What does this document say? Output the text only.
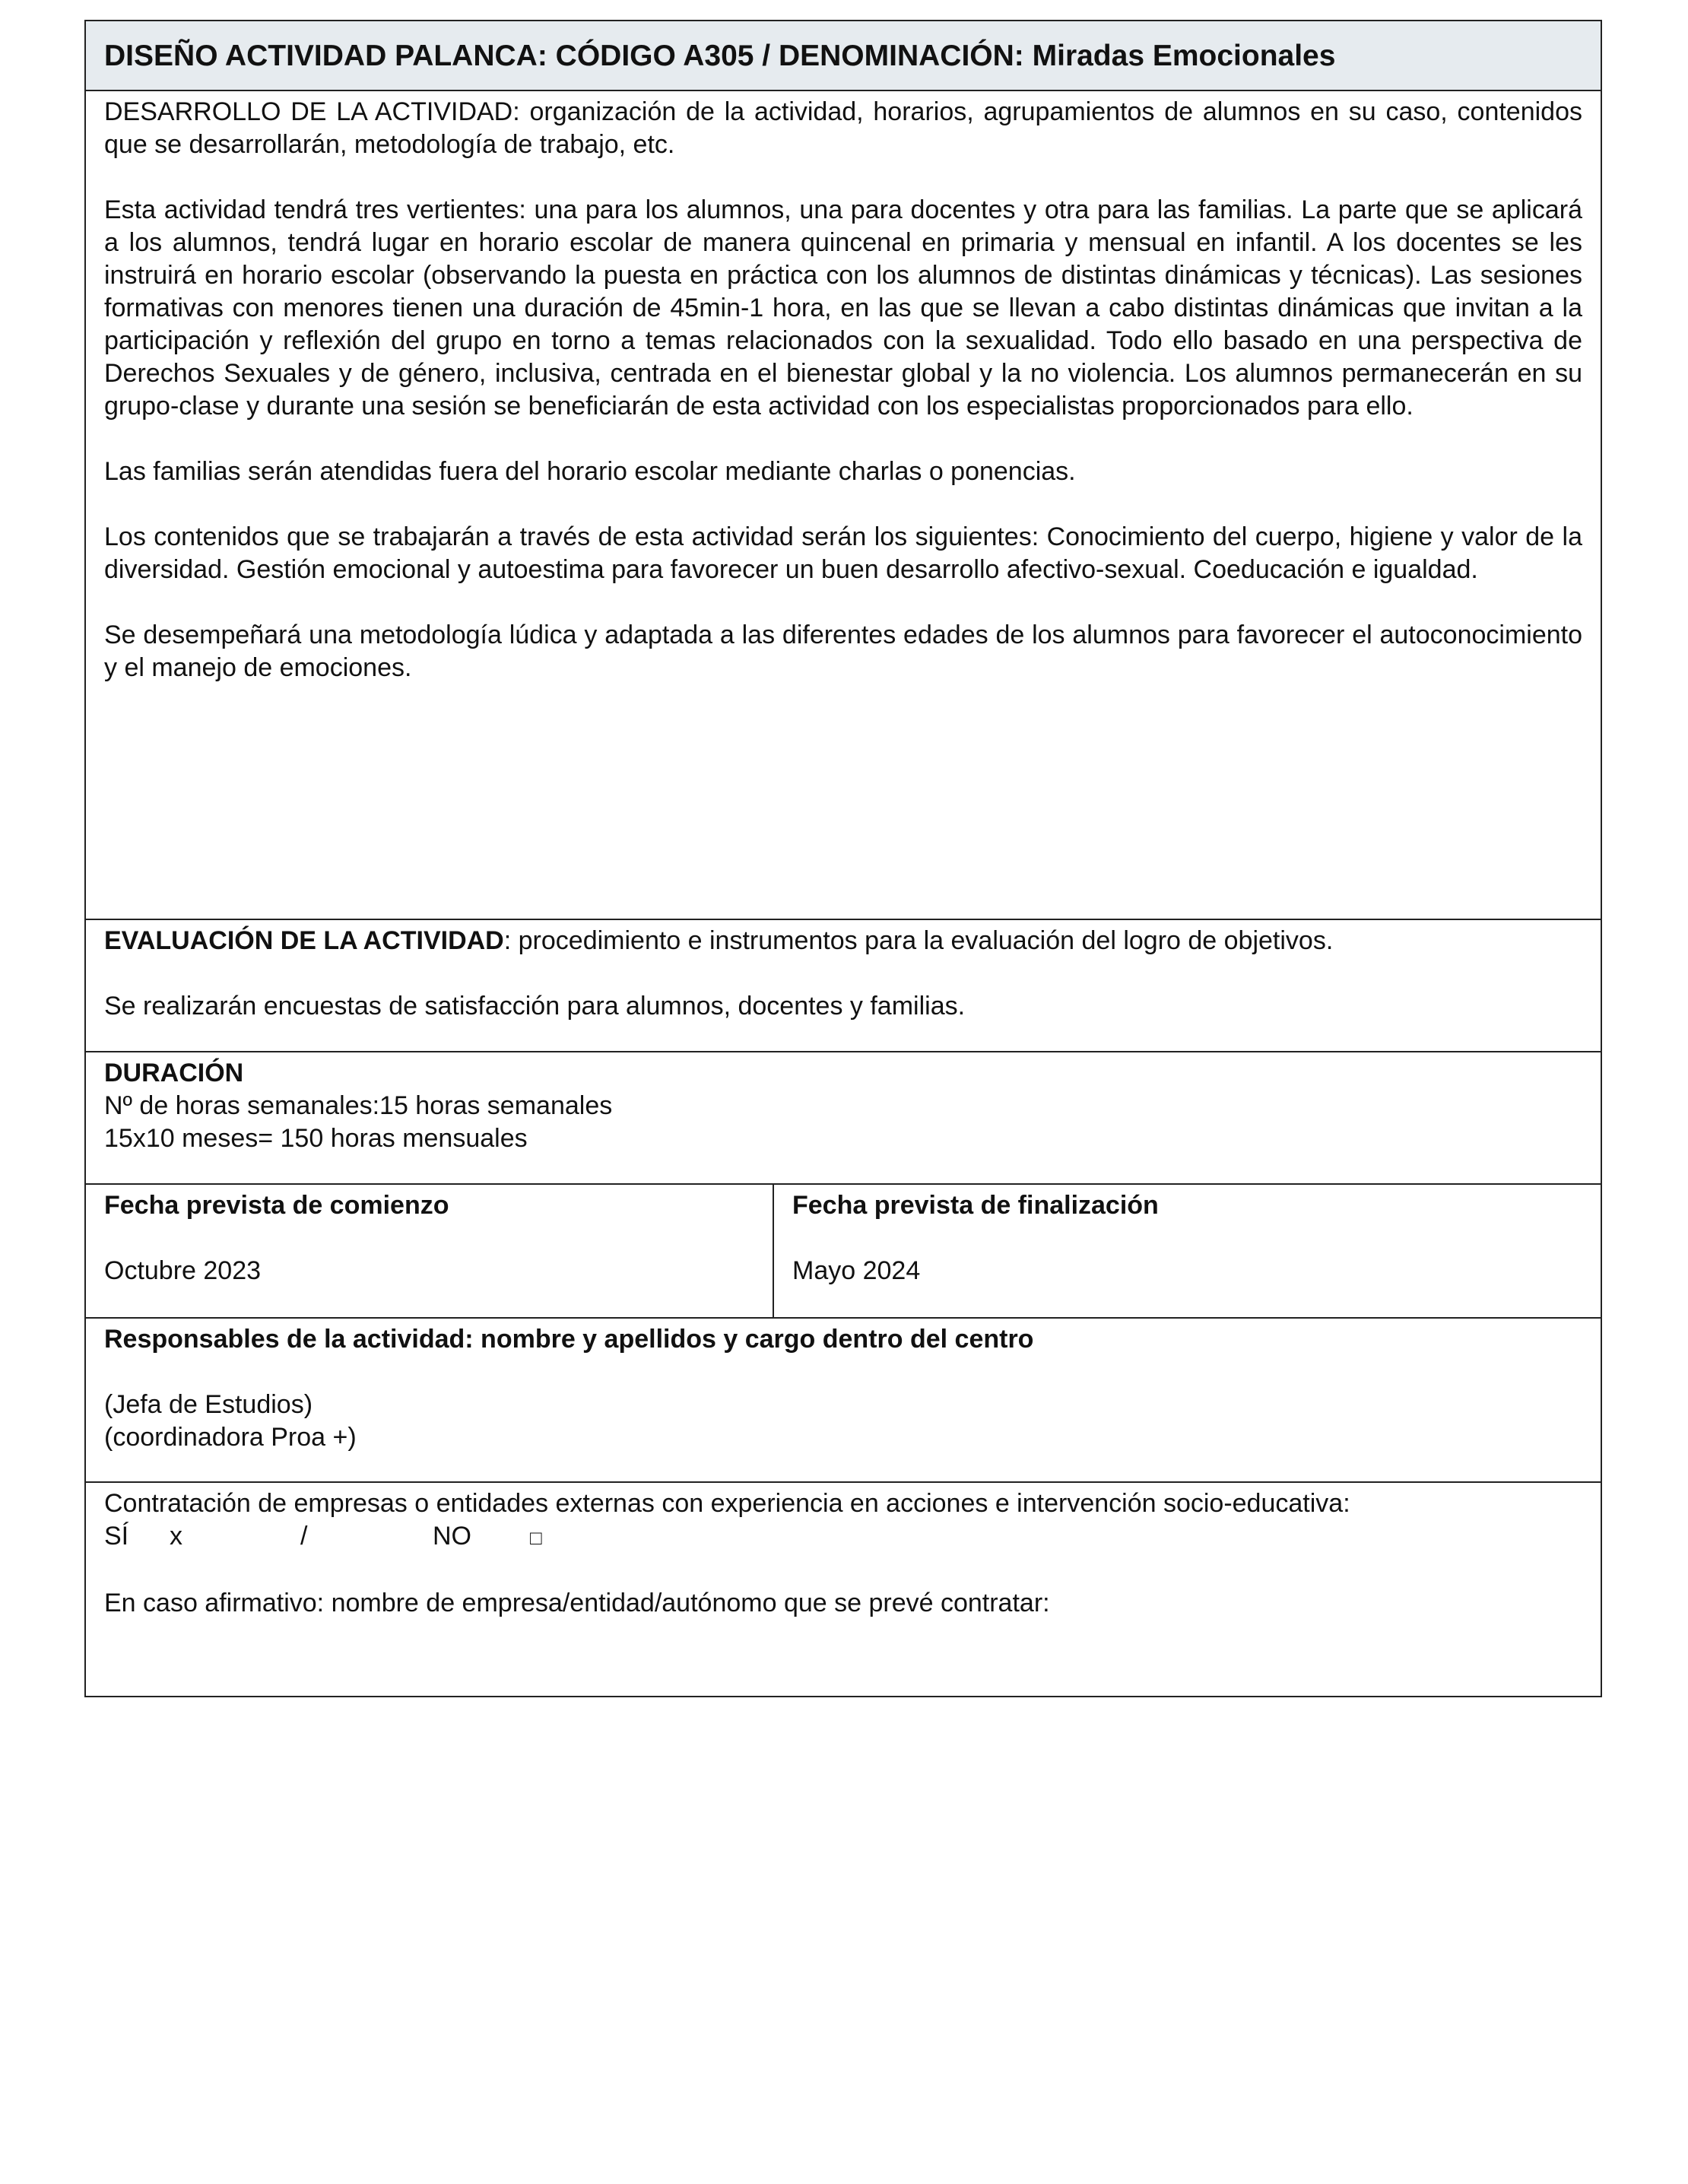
DISEÑO ACTIVIDAD PALANCA: CÓDIGO A305 / DENOMINACIÓN: Miradas Emocionales

DESARROLLO DE LA ACTIVIDAD: organización de la actividad, horarios, agrupamientos de alumnos en su caso, contenidos que se desarrollarán, metodología de trabajo, etc.

Esta actividad tendrá tres vertientes: una para los alumnos, una para docentes y otra para las familias. La parte que se aplicará a los alumnos, tendrá lugar en horario escolar de manera quincenal en primaria y mensual en infantil. A los docentes se les instruirá en horario escolar (observando la puesta en práctica con los alumnos de distintas dinámicas y técnicas). Las sesiones formativas con menores tienen una duración de 45min-1 hora, en las que se llevan a cabo distintas dinámicas que invitan a la participación y reflexión del grupo en torno a temas relacionados con la sexualidad. Todo ello basado en una perspectiva de Derechos Sexuales y de género, inclusiva, centrada en el bienestar global y la no violencia. Los alumnos permanecerán en su grupo-clase y durante una sesión se beneficiarán de esta actividad con los especialistas proporcionados para ello.

Las familias serán atendidas fuera del horario escolar mediante charlas o ponencias.

Los contenidos que se trabajarán a través de esta actividad serán los siguientes: Conocimiento del cuerpo, higiene y valor de la diversidad. Gestión emocional y autoestima para favorecer un buen desarrollo afectivo-sexual. Coeducación e igualdad.

Se desempeñará una metodología lúdica y adaptada a las diferentes edades de los alumnos para favorecer el autoconocimiento y el manejo de emociones.

EVALUACIÓN DE LA ACTIVIDAD: procedimiento e instrumentos para la evaluación del logro de objetivos.

Se realizarán encuestas de satisfacción para alumnos, docentes y familias.

DURACIÓN

Nº de horas semanales:15 horas semanales

15x10 meses= 150 horas mensuales

Fecha prevista de comienzo
Octubre 2023
Fecha prevista de finalización
Mayo 2024

Responsables de la actividad: nombre y apellidos y cargo dentro del centro

(Jefa de Estudios)

(coordinadora Proa +)

Contratación de empresas o entidades externas con experiencia en acciones e intervención socio-educativa:

SÍ x	/	NO	□

En caso afirmativo: nombre de empresa/entidad/autónomo que se prevé contratar:
